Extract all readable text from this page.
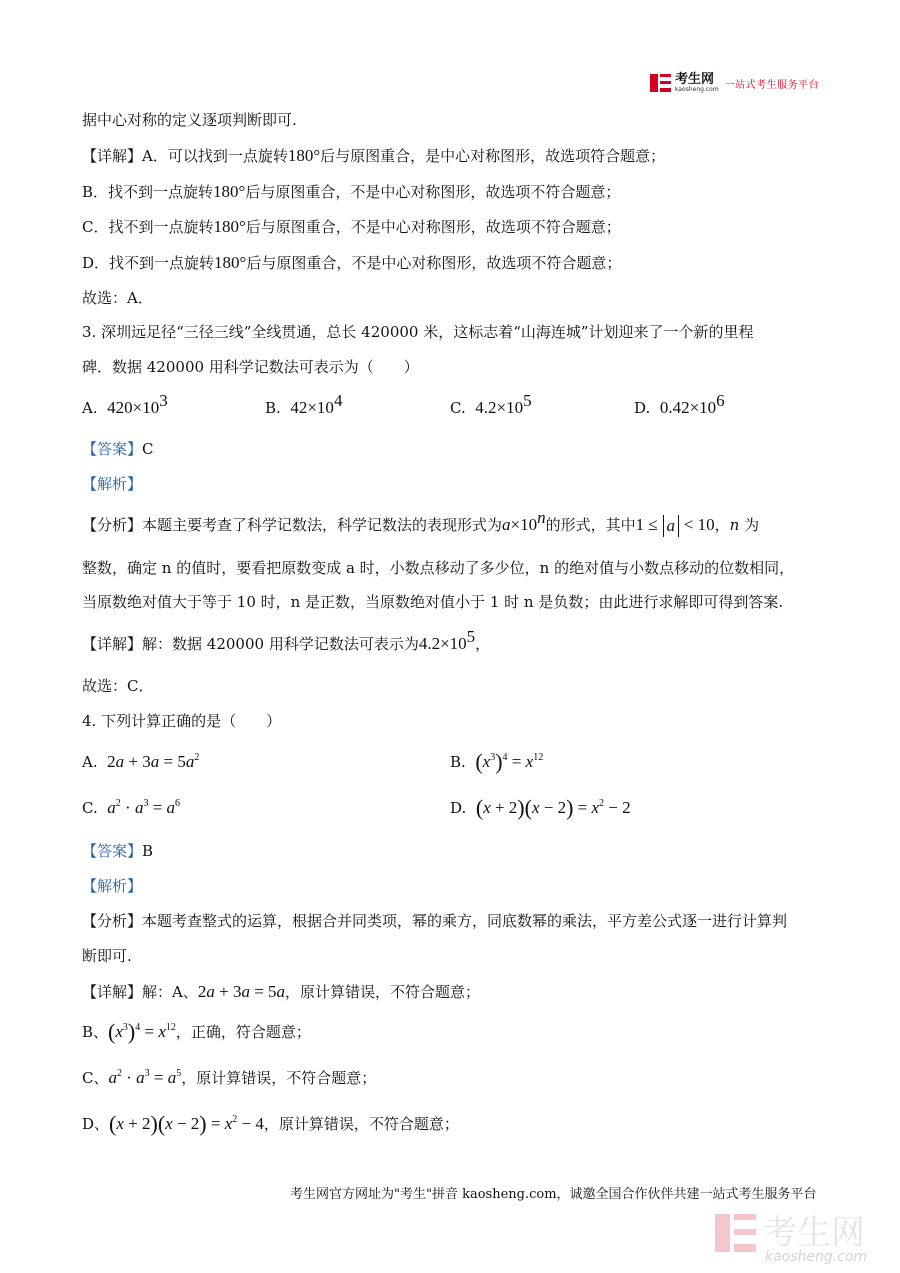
考生网
kaosheng.com 一站式考生服务平台
据中心对称的定义逐项判断即可.
【详解】A．可以找到一点旋转180°后与原图重合，是中心对称图形，故选项符合题意；
B．找不到一点旋转180°后与原图重合，不是中心对称图形，故选项不符合题意；
C．找不到一点旋转180°后与原图重合，不是中心对称图形，故选项不符合题意；
D．找不到一点旋转180°后与原图重合，不是中心对称图形，故选项不符合题意；
故选：A．
3. 深圳远足径“三径三线”全线贯通，总长 420000 米，这标志着“山海连城”计划迎来了一个新的里程
碑．数据 420000 用科学记数法可表示为（　　）
A. 420×103	B. 42×104	C. 4.2×105	D. 0.42×106
【答案】C
【解析】
【分析】本题主要考查了科学记数法，科学记数法的表现形式为a×10n的形式，其中1 ≤ a < 10，n 为
整数，确定 n 的值时，要看把原数变成 a 时，小数点移动了多少位，n 的绝对值与小数点移动的位数相同，
当原数绝对值大于等于 10 时，n 是正数，当原数绝对值小于 1 时 n 是负数；由此进行求解即可得到答案.
【详解】解：数据 420000 用科学记数法可表示为4.2×105，
故选：C．
4. 下列计算正确的是（　　）
A. $2a + 3a = 5a^2$	B. $(x^3)^4 = x^{12}$
C. $a^2 \cdot a^3 = a^6$	D. $(x + 2)(x - 2) = x^2 - 2$
【答案】B
【解析】
【分析】本题考查整式的运算，根据合并同类项，幂的乘方，同底数幂的乘法，平方差公式逐一进行计算判
断即可.
【详解】解：A、2a + 3a = 5a，原计算错误，不符合题意；
B、$(x^3)^4 = x^{12}$，正确，符合题意；
C、$a^2 \cdot a^3 = a^5$，原计算错误，不符合题意；
D、$(x + 2)(x - 2) = x^2 - 4$，原计算错误，不符合题意；
考生网官方网址为"考生"拼音 kaosheng.com，诚邀全国合作伙伴共建一站式考生服务平台
考生网
kaosheng.com
